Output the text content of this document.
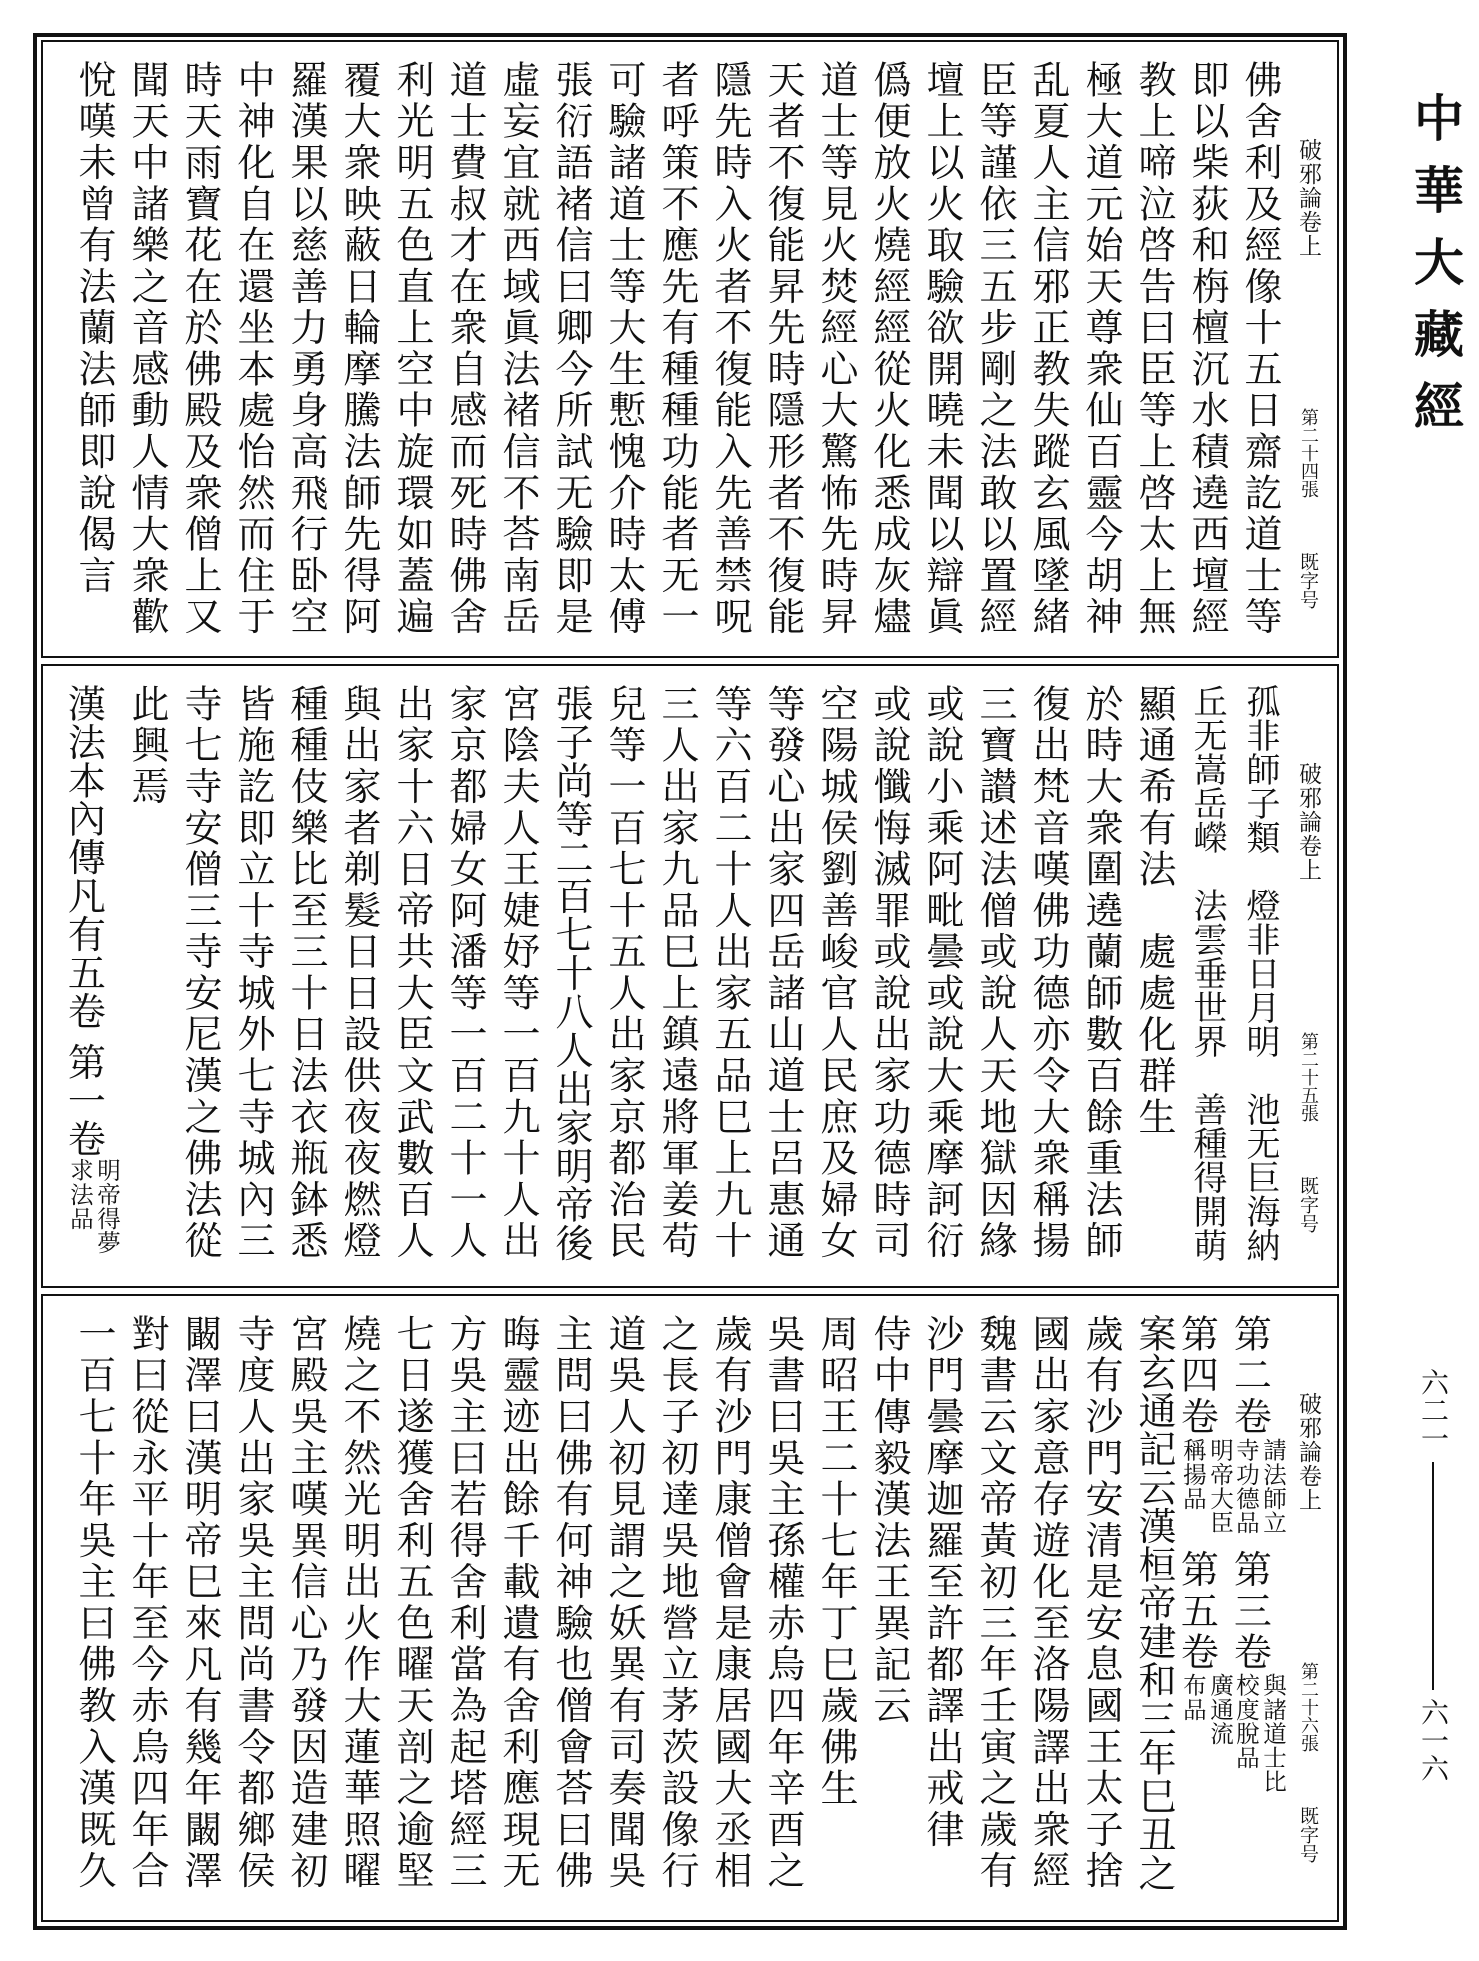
破邪論卷上
第二十四張
既字号
佛舍利及經像十五日齋訖道士等
即以柴荻和栴檀沉水積遶西壇經
教上啼泣啓告曰臣等上啓太上無
極大道元始天尊衆仙百靈今胡神
乱夏人主信邪正教失蹤玄風墜緒
臣等謹依三五步剛之法敢以置經
壇上以火取驗欲開曉未聞以辯眞
僞便放火燒經經從火化悉成灰燼
道士等見火焚經心大驚怖先時昇
天者不復能昇先時隱形者不復能
隱先時入火者不復能入先善禁呪
者呼策不應先有種種功能者无一
可驗諸道士等大生慙愧介時太傅
張衍語褚信曰卿今所試无驗即是
虛妄宜就西域眞法褚信不荅南岳
道士費叔才在衆自感而死時佛舍
利光明五色直上空中旋環如蓋遍
覆大衆映蔽日輪摩騰法師先得阿
羅漢果以慈善力勇身高飛行卧空
中神化自在還坐本處怡然而住于
時天雨寶花在於佛殿及衆僧上又
聞天中諸樂之音感動人情大衆歡
悅嘆未曾有法蘭法師即說偈言
破邪論卷上
第二十五張
既字号
孤非師子類　燈非日月明　池无巨海納
丘无嵩岳嶸　法雲垂世界　善種得開萌
顯通希有法　處處化群生
於時大衆圍遶蘭師數百餘重法師
復出梵音嘆佛功德亦令大衆稱揚
三寶讃述法僧或說人天地獄因緣
或說小乘阿毗曇或說大乘摩訶衍
或說懺悔滅罪或說出家功德時司
空陽城侯劉善峻官人民庶及婦女
等發心出家四岳諸山道士呂惠通
等六百二十人出家五品巳上九十
三人出家九品巳上鎮遠將軍姜苟
兒等一百七十五人出家京都治民
張子尚等二百七十八人出家明帝後
宮陰夫人王婕妤等一百九十人出
家京都婦女阿潘等一百二十一人
出家十六日帝共大臣文武數百人
與出家者剃髮日日設供夜夜燃燈
種種伎樂比至三十日法衣瓶鉢悉
皆施訖即立十寺城外七寺城內三
寺七寺安僧三寺安尼漢之佛法從
此興焉
漢法本內傳凡有五卷 第一卷
明帝得夢
求法品
破邪論卷上
第二十六張
既字号
第二卷
請法師立
寺功德品
第三卷
與諸道士比
校度脫品
第四卷
明帝大臣
稱揚品
第五卷
廣通流
布品
案玄通記云漢桓帝建和三年巳丑之
歲有沙門安清是安息國王太子捨
國出家意存遊化至洛陽譯出衆經
魏書云文帝黃初三年壬寅之歲有
沙門曇摩迦羅至許都譯出戒律
侍中傳毅漢法王異記云
周昭王二十七年丁巳歲佛生
吳書曰吳主孫權赤烏四年辛酉之
歲有沙門康僧會是康居國大丞相
之長子初達吳地營立茅茨設像行
道吳人初見謂之妖異有司奏聞吳
主問曰佛有何神驗也僧會荅曰佛
晦靈迹出餘千載遺有舍利應現无
方吳主曰若得舍利當為起塔經三
七日遂獲舍利五色曜天剖之逾堅
燒之不然光明出火作大蓮華照曜
宮殿吳主嘆異信心乃發因造建初
寺度人出家吳主問尚書令都鄉侯
闞澤曰漢明帝巳來凡有幾年闞澤
對曰從永平十年至今赤烏四年合
一百七十年吳主曰佛教入漢既久
中華大藏經
六二一
六一六
